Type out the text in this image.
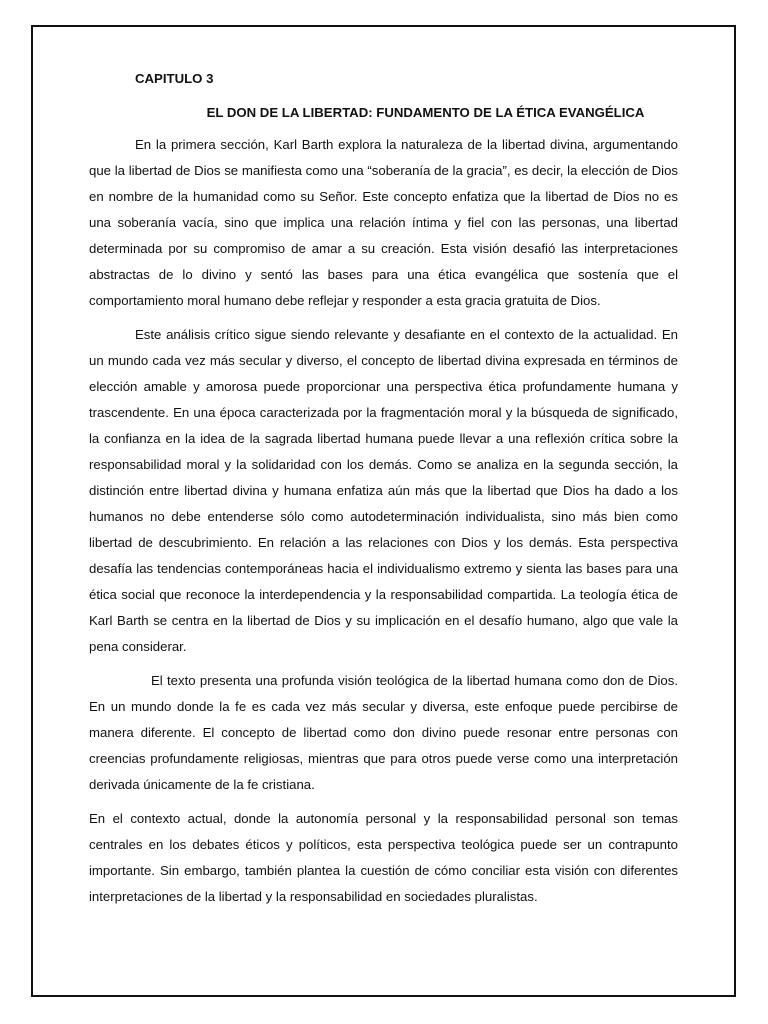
CAPITULO 3
EL DON DE LA LIBERTAD: FUNDAMENTO DE LA ÉTICA EVANGÉLICA

En la primera sección, Karl Barth explora la naturaleza de la libertad divina, argumentando que la libertad de Dios se manifiesta como una “soberanía de la gracia”, es decir, la elección de Dios en nombre de la humanidad como su Señor. Este concepto enfatiza que la libertad de Dios no es una soberanía vacía, sino que implica una relación íntima y fiel con las personas, una libertad determinada por su compromiso de amar a su creación. Esta visión desafió las interpretaciones abstractas de lo divino y sentó las bases para una ética evangélica que sostenía que el comportamiento moral humano debe reflejar y responder a esta gracia gratuita de Dios.

Este análisis crítico sigue siendo relevante y desafiante en el contexto de la actualidad. En un mundo cada vez más secular y diverso, el concepto de libertad divina expresada en términos de elección amable y amorosa puede proporcionar una perspectiva ética profundamente humana y trascendente. En una época caracterizada por la fragmentación moral y la búsqueda de significado, la confianza en la idea de la sagrada libertad humana puede llevar a una reflexión crítica sobre la responsabilidad moral y la solidaridad con los demás. Como se analiza en la segunda sección, la distinción entre libertad divina y humana enfatiza aún más que la libertad que Dios ha dado a los humanos no debe entenderse sólo como autodeterminación individualista, sino más bien como libertad de descubrimiento. En relación a las relaciones con Dios y los demás. Esta perspectiva desafía las tendencias contemporáneas hacia el individualismo extremo y sienta las bases para una ética social que reconoce la interdependencia y la responsabilidad compartida. La teología ética de Karl Barth se centra en la libertad de Dios y su implicación en el desafío humano, algo que vale la pena considerar.

El texto presenta una profunda visión teológica de la libertad humana como don de Dios. En un mundo donde la fe es cada vez más secular y diversa, este enfoque puede percibirse de manera diferente. El concepto de libertad como don divino puede resonar entre personas con creencias profundamente religiosas, mientras que para otros puede verse como una interpretación derivada únicamente de la fe cristiana.

En el contexto actual, donde la autonomía personal y la responsabilidad personal son temas centrales en los debates éticos y políticos, esta perspectiva teológica puede ser un contrapunto importante. Sin embargo, también plantea la cuestión de cómo conciliar esta visión con diferentes interpretaciones de la libertad y la responsabilidad en sociedades pluralistas.
